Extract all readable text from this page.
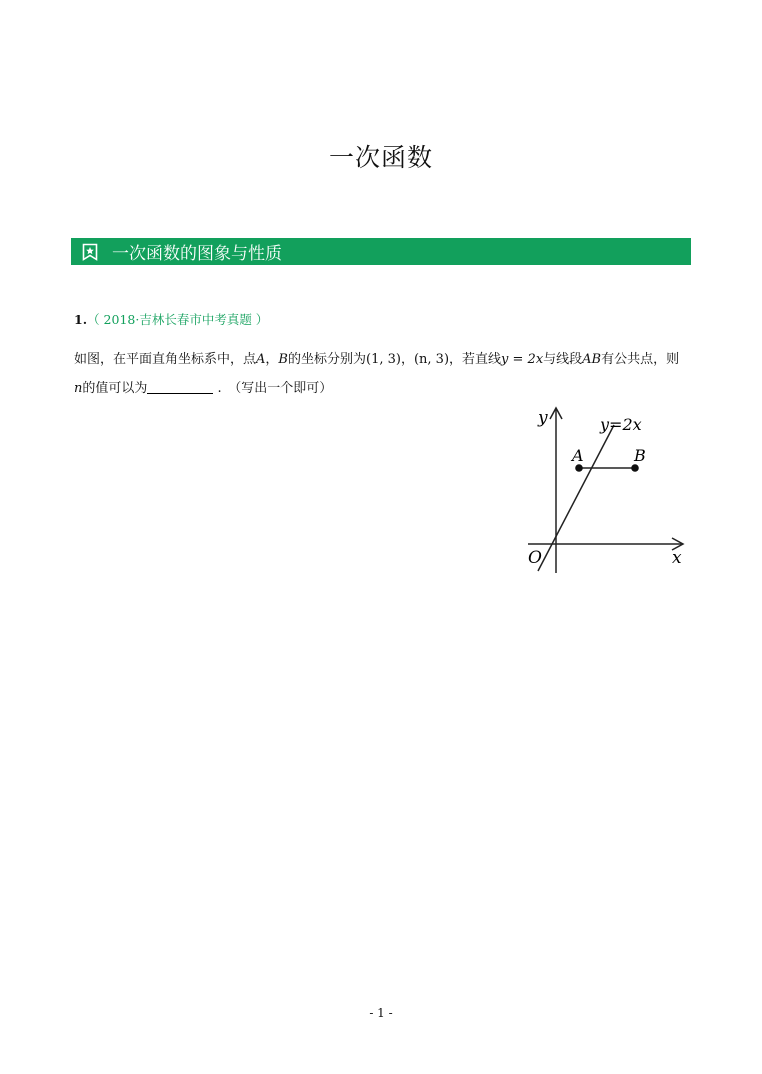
一次函数
一次函数的图象与性质
1.（ 2018·吉林长春市中考真题 ）
如图，在平面直角坐标系中，点A，B的坐标分别为(1, 3)，(n, 3)，若直线y = 2x与线段AB有公共点，则
n的值可以为	.　 （写出一个即可）
y
x
O
y=2x
A	B
- 1 -
